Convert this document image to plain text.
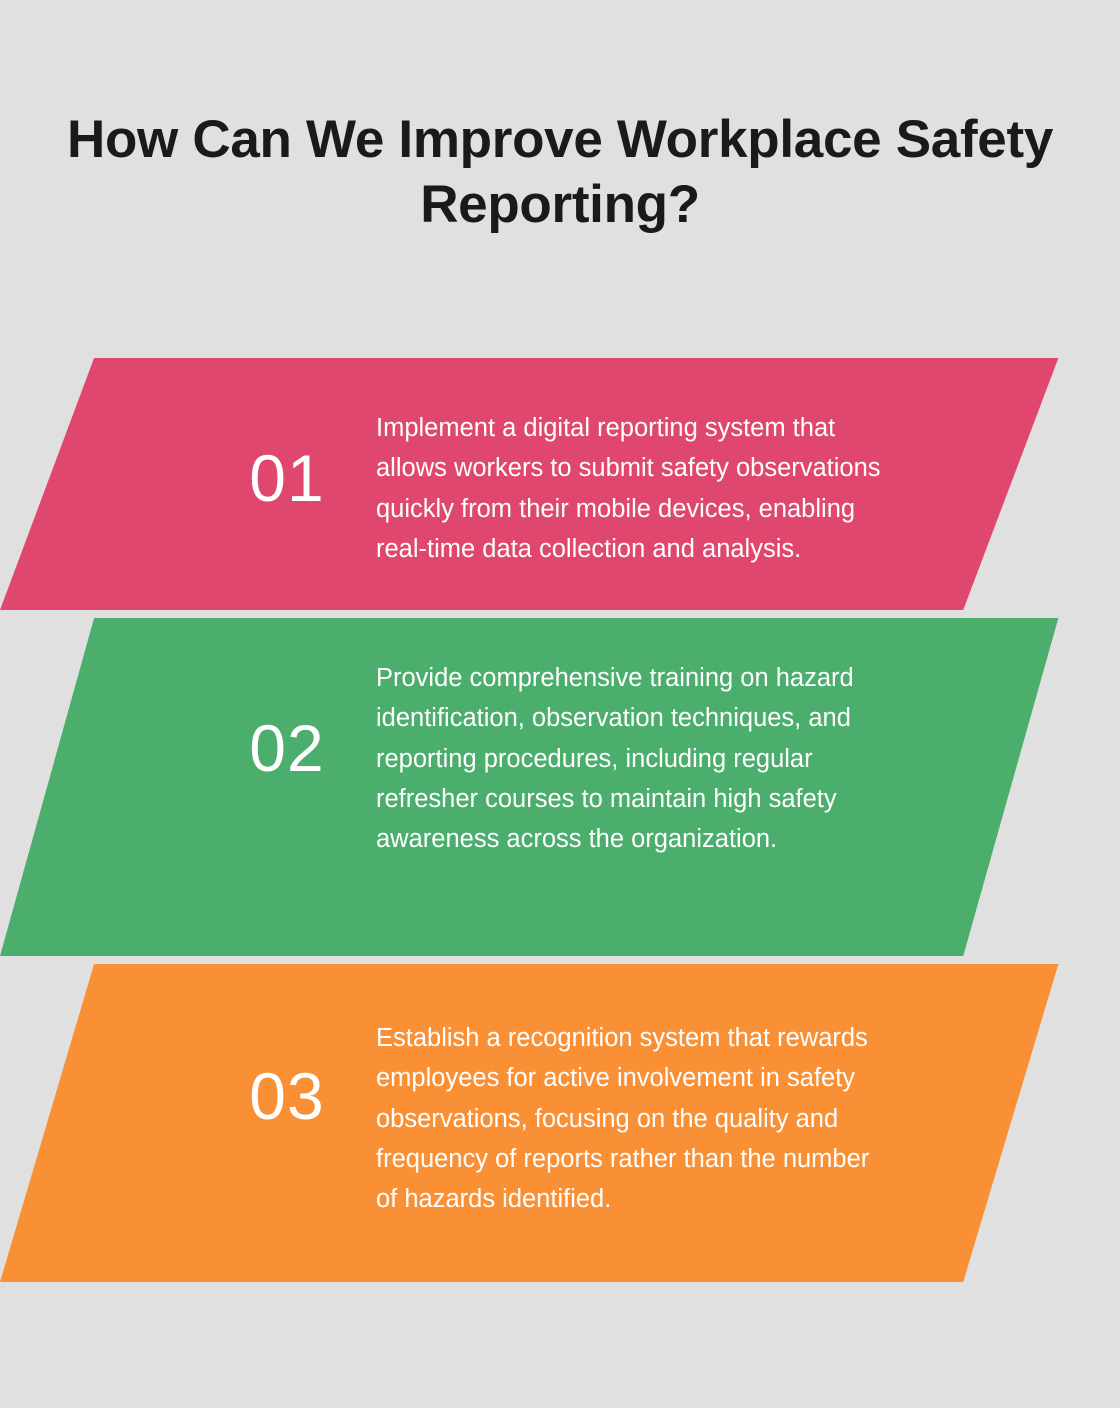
How Can We Improve Workplace Safety Reporting?
01
Implement a digital reporting system that allows workers to submit safety observations quickly from their mobile devices, enabling real-time data collection and analysis.
02
Provide comprehensive training on hazard identification, observation techniques, and reporting procedures, including regular refresher courses to maintain high safety awareness across the organization.
03
Establish a recognition system that rewards employees for active involvement in safety observations, focusing on the quality and frequency of reports rather than the number of hazards identified.
